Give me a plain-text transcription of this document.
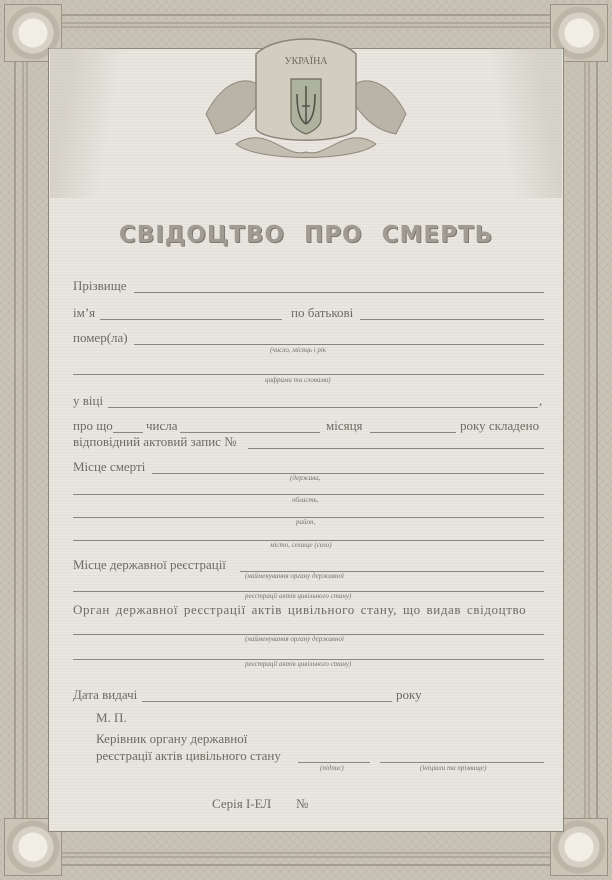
УКРАЇНА
СВІДОЦТВО ПРО СМЕРТЬ
Прізвище
ім’я	по батькові
помер(ла)
(число, місяць і рік
цифрами та словами)
у віці	,
про що	числа	місяця	року складено
відповідний актовий запис №
Місце смерті
(держава,
область,
район,
місто, селище (село)
Місце державної реєстрації
(найменування органу державної
реєстрації актів цивільного стану)
Орган державної реєстрації актів цивільного стану, що видав свідоцтво
(найменування органу державної
реєстрації актів цивільного стану)
Дата видачі	року
М. П.
Керівник органу державної
реєстрації актів цивільного стану
(підпис)	(ініціали та прізвище)
Серія І-ЕЛ №
